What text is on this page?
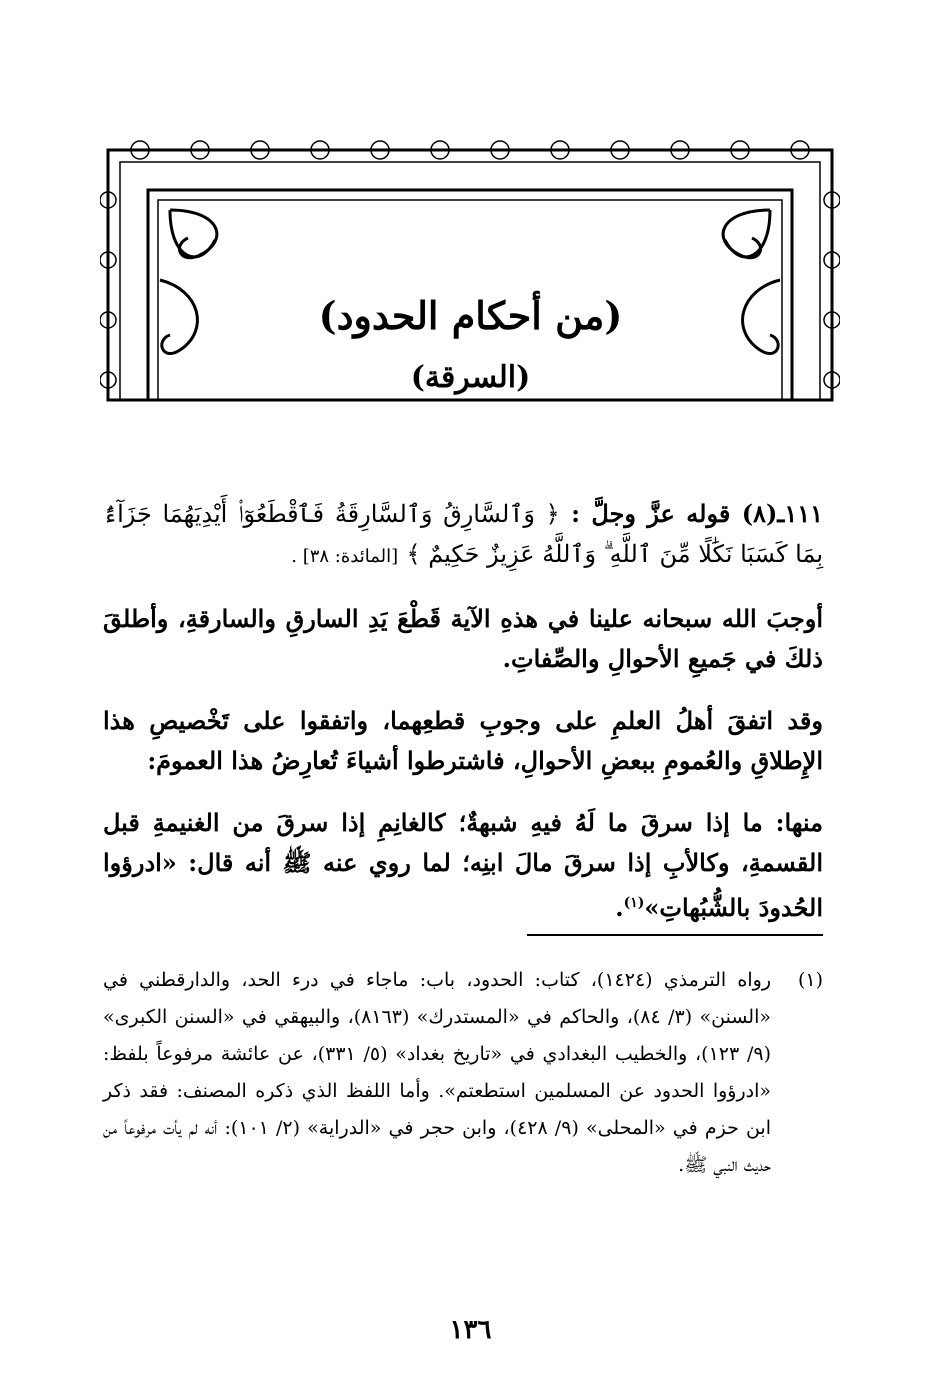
(من أحكام الحدود)
(السرقة)

١١١ـ(٨) قوله عزَّ وجلَّ : ﴿ وَٱلسَّارِقُ وَٱلسَّارِقَةُ فَٱقْطَعُوٓا۟ أَيْدِيَهُمَا جَزَآءًۢ بِمَا كَسَبَا نَكَٰلًا مِّنَ ٱللَّهِ ۗ وَٱللَّهُ عَزِيزٌ حَكِيمٌ ﴾ [المائدة: ٣٨] .

أوجبَ الله سبحانه علينا في هذهِ الآية قَطْعَ يَدِ السارقِ والسارقةِ، وأطلقَ ذلكَ في جَميعِ الأحوالِ والصِّفاتِ.

وقد اتفقَ أهلُ العلمِ على وجوبِ قطعِهما، واتفقوا على تَخْصيصِ هذا الإِطلاقِ والعُمومِ ببعضِ الأحوالِ، فاشترطوا أشياءَ تُعارِضُ هذا العمومَ:

منها: ما إذا سرقَ ما لَهُ فيهِ شبهةٌ؛ كالغانِمِ إذا سرقَ من الغنيمةِ قبل القسمةِ، وكالأبِ إذا سرقَ مالَ ابنِه؛ لما روي عنه ﷺ أنه قال: «ادرؤوا الحُدودَ بالشُّبُهاتِ»$^{(١)}$.

(١)
رواه الترمذي (١٤٢٤)، كتاب: الحدود، باب: ماجاء في درء الحد، والدارقطني في «السنن» (٣/ ٨٤)، والحاكم في «المستدرك» (٨١٦٣)، والبيهقي في «السنن الكبرى» (٩/ ١٢٣)، والخطيب البغدادي في «تاريخ بغداد» (٥/ ٣٣١)، عن عائشة مرفوعاً بلفظ: «ادرؤوا الحدود عن المسلمين استطعتم». وأما اللفظ الذي ذكره المصنف: فقد ذكر ابن حزم في «المحلى» (٩/ ٤٢٨)، وابن حجر في «الدراية» (٢/ ١٠١): أنه لم يأت مرفوعاً من حديث النبي ﷺ.
١٣٦
